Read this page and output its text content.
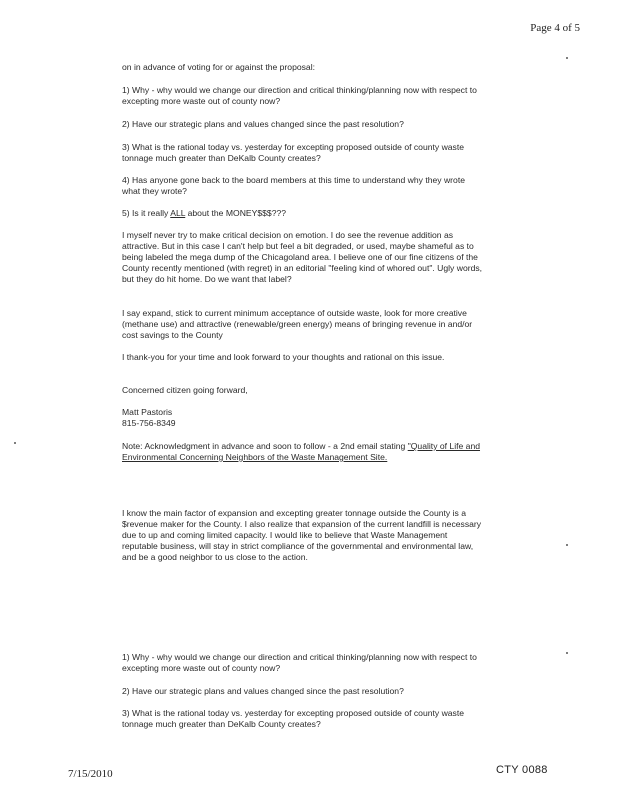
Page 4 of 5

on in advance of voting for or against the proposal:

1) Why - why would we change our direction and critical thinking/planning now with respect to excepting more waste out of county now?

2) Have our strategic plans and values changed since the past resolution?

3) What is the rational today vs. yesterday for excepting proposed outside of county waste tonnage much greater than DeKalb County creates?

4) Has anyone gone back to the board members at this time to understand why they wrote what they wrote?

5) Is it really ALL about the MONEY$$$???

I myself never try to make critical decision on emotion. I do see the revenue addition as attractive. But in this case I can't help but feel a bit degraded, or used, maybe shameful as to being labeled the mega dump of the Chicagoland area. I believe one of our fine citizens of the County recently mentioned (with regret) in an editorial "feeling kind of whored out". Ugly words, but they do hit home. Do we want that label?

I say expand, stick to current minimum acceptance of outside waste, look for more creative (methane use) and attractive (renewable/green energy) means of bringing revenue in and/or cost savings to the County

I thank-you for your time and look forward to your thoughts and rational on this issue.

Concerned citizen going forward,

Matt Pastoris

815-756-8349

Note: Acknowledgment in advance and soon to follow - a 2nd email stating "Quality of Life and Environmental Concerning Neighbors of the Waste Management Site.

I know the main factor of expansion and excepting greater tonnage outside the County is a $revenue maker for the County. I also realize that expansion of the current landfill is necessary due to up and coming limited capacity. I would like to believe that Waste Management reputable business, will stay in strict compliance of the governmental and environmental law, and be a good neighbor to us close to the action.

1) Why - why would we change our direction and critical thinking/planning now with respect to excepting more waste out of county now?

2) Have our strategic plans and values changed since the past resolution?

3) What is the rational today vs. yesterday for excepting proposed outside of county waste tonnage much greater than DeKalb County creates?

7/15/2010	CTY 0088
